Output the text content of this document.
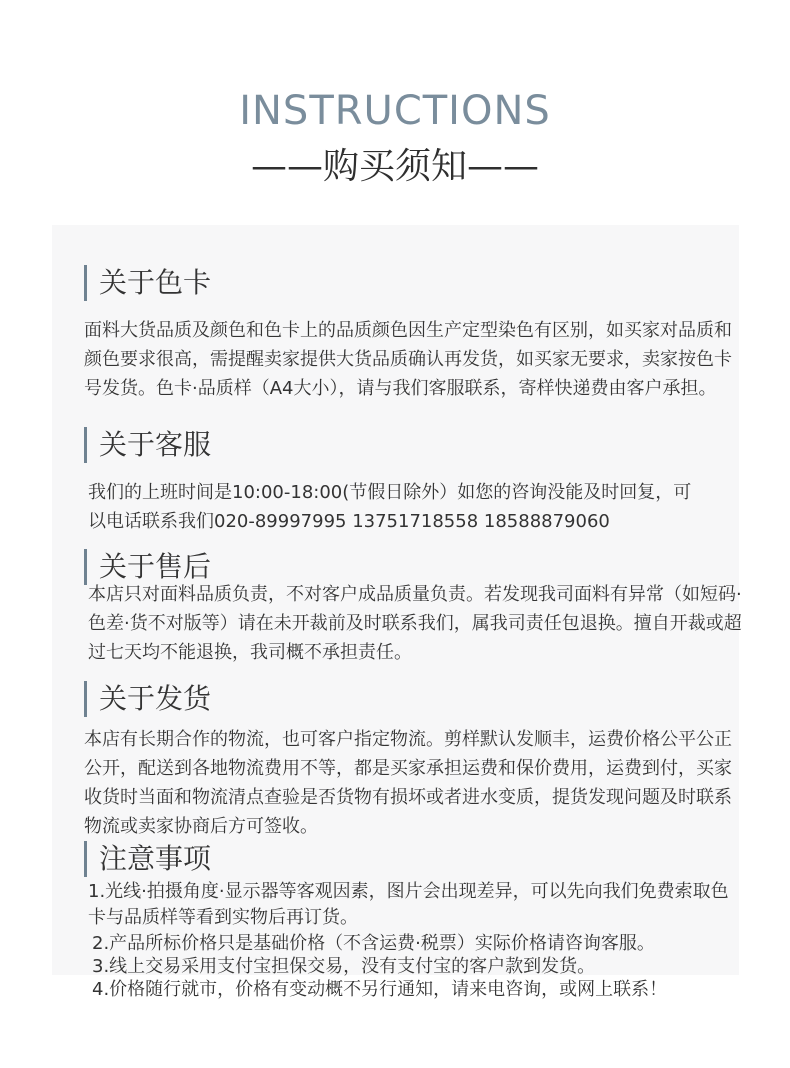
INSTRUCTIONS
——购买须知——
关于色卡

面料大货品质及颜色和色卡上的品质颜色因生产定型染色有区别，如买家对品质和颜色要求很高，需提醒卖家提供大货品质确认再发货，如买家无要求，卖家按色卡号发货。色卡·品质样（A4大小），请与我们客服联系，寄样快递费由客户承担。

关于客服

我们的上班时间是10:00-18:00(节假日除外）如您的咨询没能及时回复，可以电话联系我们020-89997995 13751718558 18588879060

关于售后

本店只对面料品质负责，不对客户成品质量负责。若发现我司面料有异常（如短码·色差·货不对版等）请在未开裁前及时联系我们，属我司责任包退换。擅自开裁或超过七天均不能退换，我司概不承担责任。

关于发货

本店有长期合作的物流，也可客户指定物流。剪样默认发顺丰，运费价格公平公正公开，配送到各地物流费用不等，都是买家承担运费和保价费用，运费到付，买家收货时当面和物流清点查验是否货物有损坏或者进水变质，提货发现问题及时联系物流或卖家协商后方可签收。

注意事项

1.光线·拍摄角度·显示器等客观因素，图片会出现差异，可以先向我们免费索取色卡与品质样等看到实物后再订货。

2.产品所标价格只是基础价格（不含运费·税票）实际价格请咨询客服。

3.线上交易采用支付宝担保交易，没有支付宝的客户款到发货。

4.价格随行就市，价格有变动概不另行通知，请来电咨询，或网上联系！
